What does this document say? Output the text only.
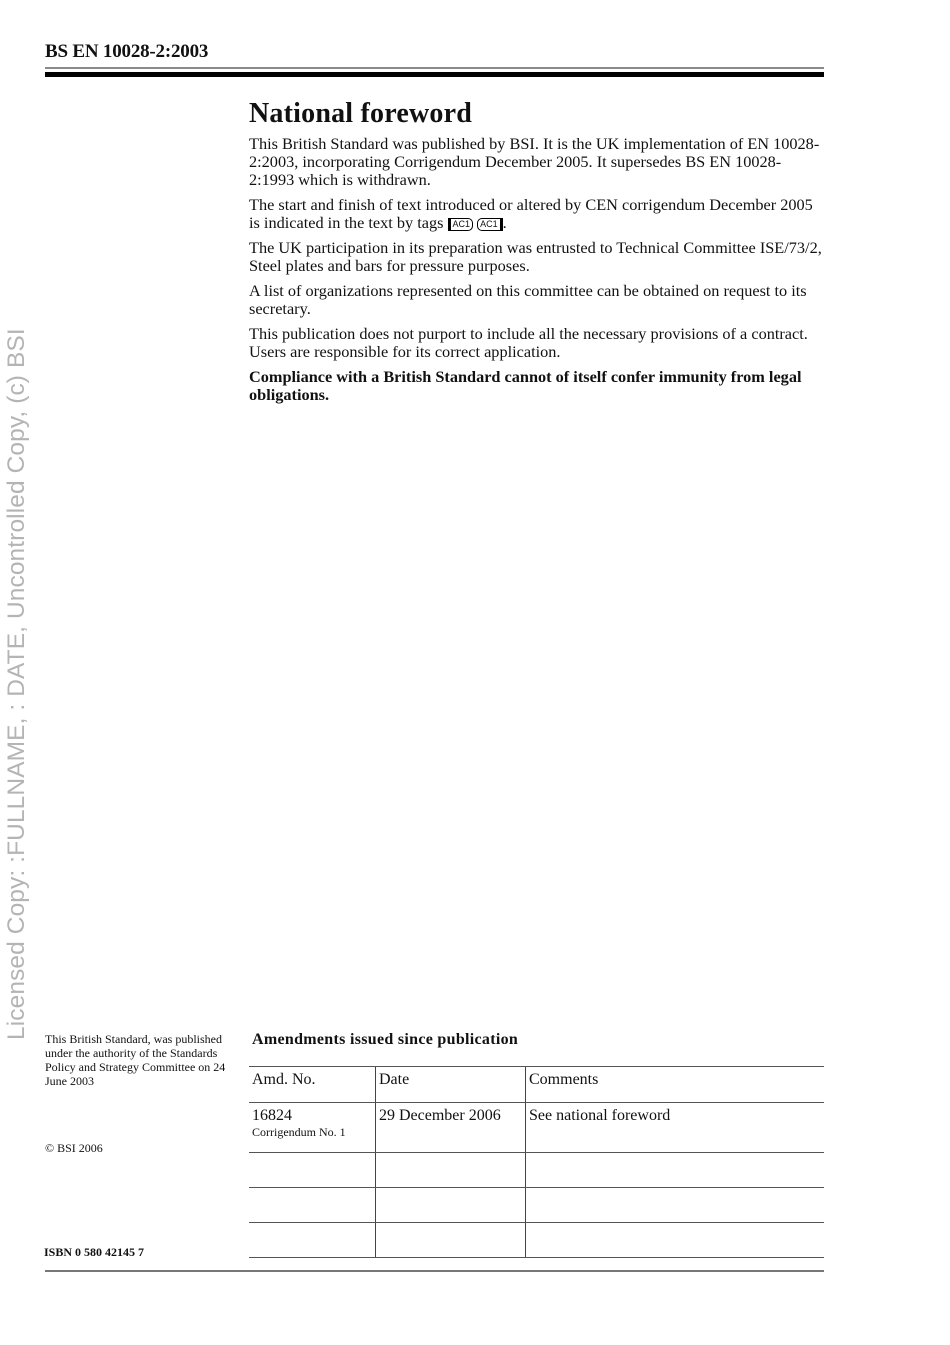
BS EN 10028-2:2003
Licensed Copy: :FULLNAME, : DATE, Uncontrolled Copy, (c) BSI
National foreword

This British Standard was published by BSI. It is the UK implementation of EN 10028-2:2003, incorporating Corrigendum December 2005. It supersedes BS EN 10028-2:1993 which is withdrawn.

The start and finish of text introduced or altered by CEN corrigendum December 2005 is indicated in the text by tags AC1 AC1 .

The UK participation in its preparation was entrusted to Technical Committee ISE/73/2, Steel plates and bars for pressure purposes.

A list of organizations represented on this committee can be obtained on request to its secretary.

This publication does not purport to include all the necessary provisions of a contract. Users are responsible for its correct application.

Compliance with a British Standard cannot of itself confer immunity from legal obligations.

This British Standard, was published under the authority of the Standards Policy and Strategy Committee on 24 June 2003
© BSI 2006
ISBN 0 580 42145 7
Amendments issued since publication
Amd. No.	Date	Comments
16824
Corrigendum No. 1	29 December 2006	See national foreword
